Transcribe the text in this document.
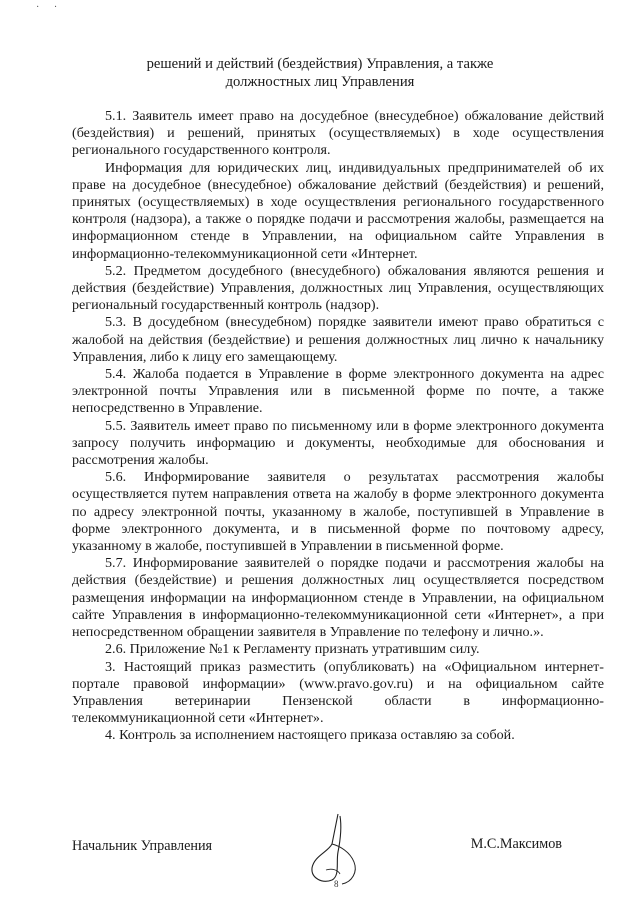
· ·
решений и действий (бездействия) Управления, а также
должностных лиц Управления

5.1. Заявитель имеет право на досудебное (внесудебное) обжалование действий (бездействия) и решений, принятых (осуществляемых) в ходе осуществления регионального государственного контроля.

Информация для юридических лиц, индивидуальных предпринимателей об их праве на досудебное (внесудебное) обжалование действий (бездействия) и решений, принятых (осуществляемых) в ходе осуществления регионального государственного контроля (надзора), а также о порядке подачи и рассмотрения жалобы, размещается на информационном стенде в Управлении, на официальном сайте Управления в информационно-телекоммуникационной сети «Интернет.

5.2. Предметом досудебного (внесудебного) обжалования являются решения и действия (бездействие) Управления, должностных лиц Управления, осуществляющих региональный государственный контроль (надзор).

5.3. В досудебном (внесудебном) порядке заявители имеют право обратиться с жалобой на действия (бездействие) и решения должностных лиц лично к начальнику Управления, либо к лицу его замещающему.

5.4. Жалоба подается в Управление в форме электронного документа на адрес электронной почты Управления или в письменной форме по почте, а также непосредственно в Управление.

5.5. Заявитель имеет право по письменному или в форме электронного документа запросу получить информацию и документы, необходимые для обоснования и рассмотрения жалобы.

5.6. Информирование заявителя о результатах рассмотрения жалобы осуществляется путем направления ответа на жалобу в форме электронного документа по адресу электронной почты, указанному в жалобе, поступившей в Управление в форме электронного документа, и в письменной форме по почтовому адресу, указанному в жалобе, поступившей в Управлении в письменной форме.

5.7. Информирование заявителей о порядке подачи и рассмотрения жалобы на действия (бездействие) и решения должностных лиц осуществляется посредством размещения информации на информационном стенде в Управлении, на официальном сайте Управления в информационно-телекоммуникационной сети «Интернет», а при непосредственном обращении заявителя в Управление по телефону и лично.».

2.6. Приложение №1 к Регламенту признать утратившим силу.

3. Настоящий приказ разместить (опубликовать) на «Официальном интернет-портале правовой информации» (www.pravo.gov.ru) и на официальном сайте Управления ветеринарии Пензенской области в информационно-телекоммуникационной сети «Интернет».

4. Контроль за исполнением настоящего приказа оставляю за собой.

Начальник Управления	М.С.Максимов
8
